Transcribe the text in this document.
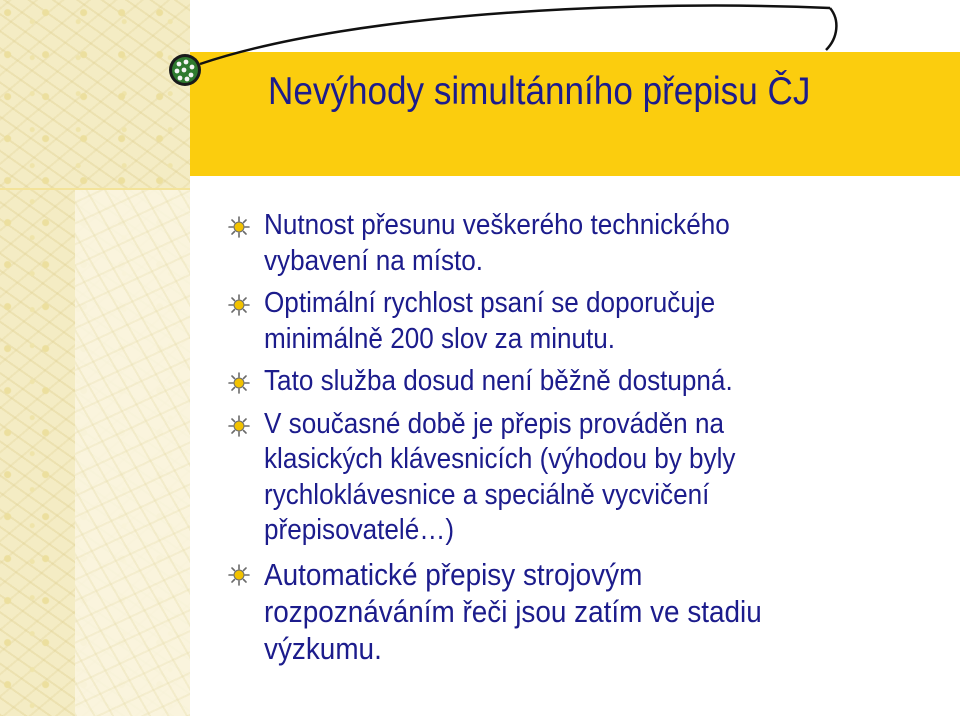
Nevýhody simultánního přepisu ČJ
Nutnost přesunu veškerého technického vybavení na místo.
Optimální rychlost psaní se doporučuje minimálně 200 slov za minutu.
Tato služba dosud není běžně dostupná.
V současné době je přepis prováděn na klasických klávesnicích (výhodou by byly rychloklávesnice a speciálně vycvičení přepisovatelé…)
Automatické přepisy strojovým rozpoznáváním řeči jsou zatím ve stadiu výzkumu.
